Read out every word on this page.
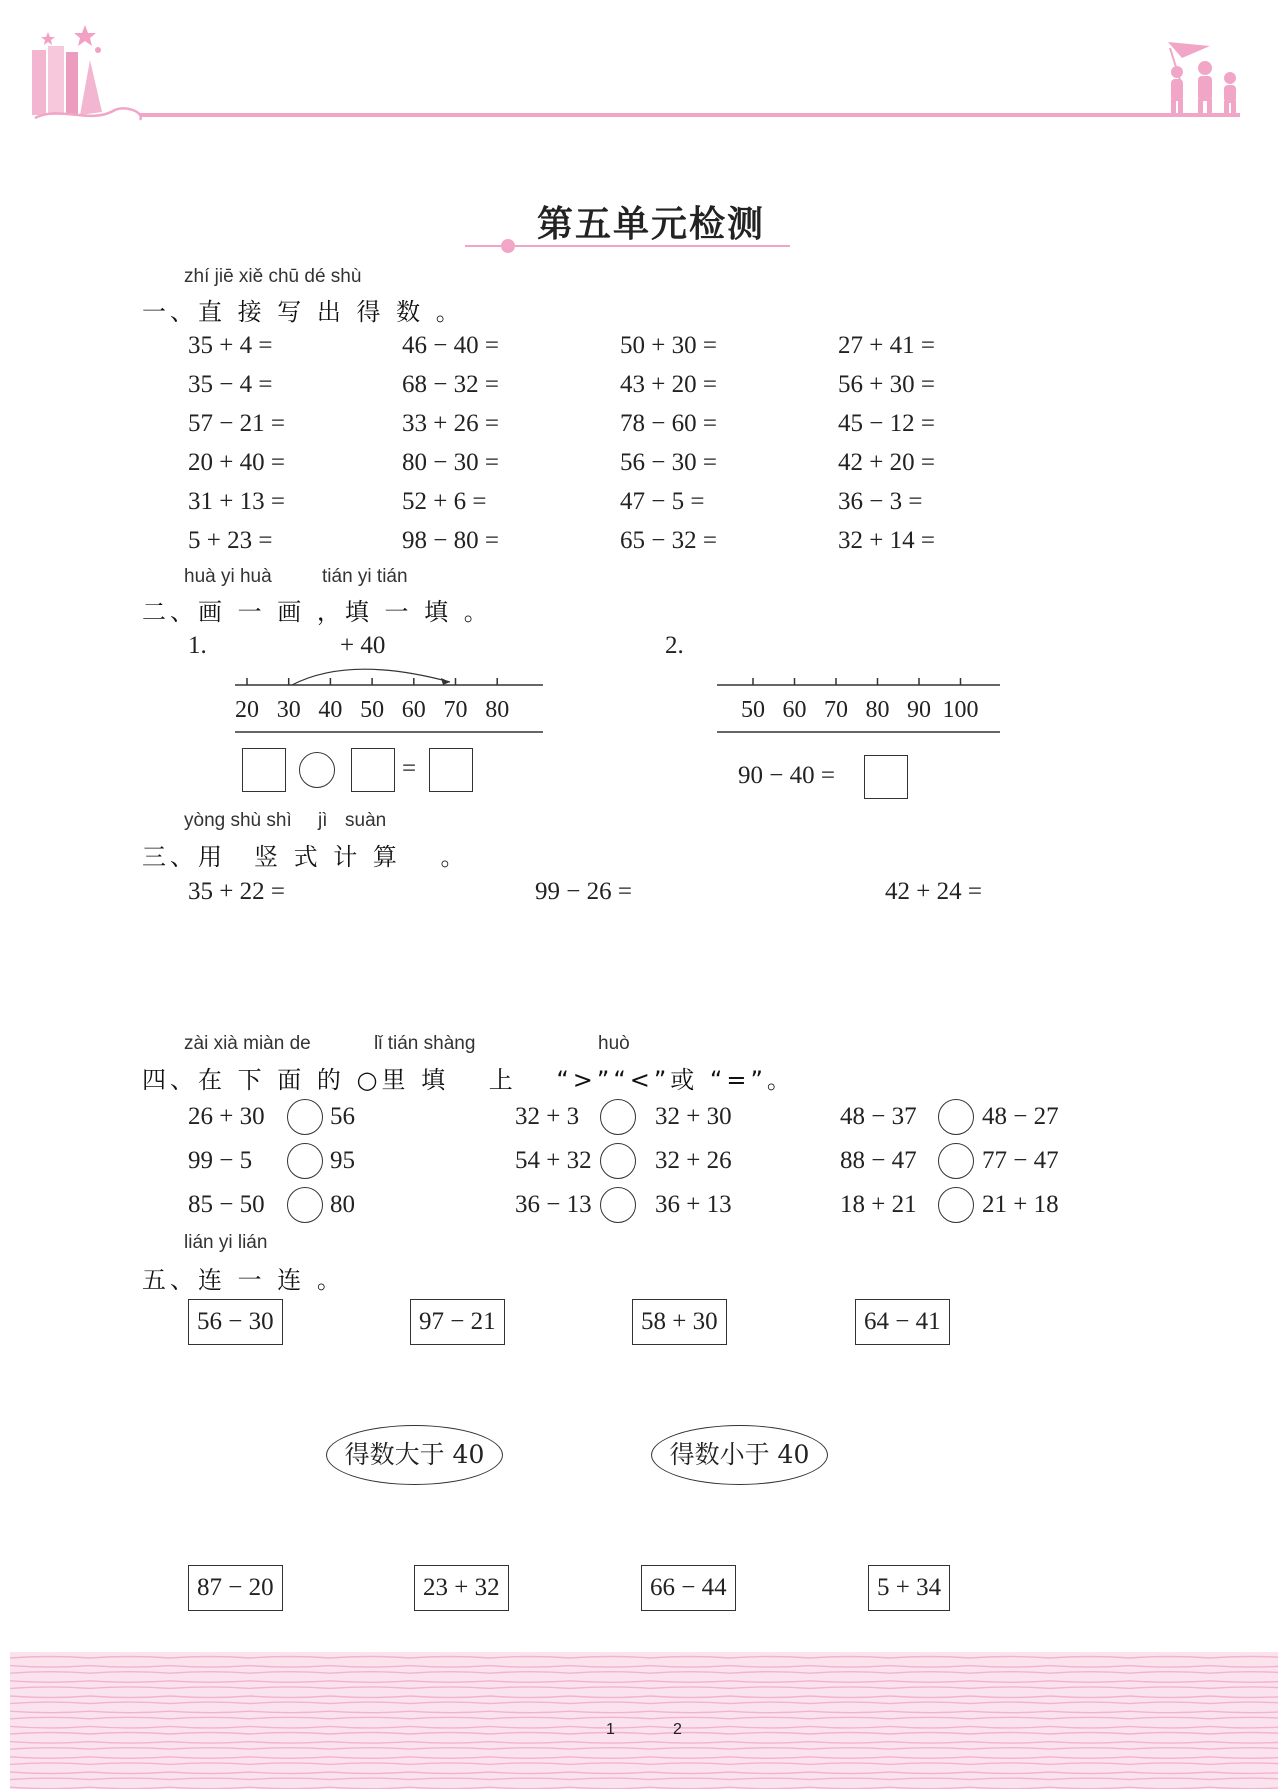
第五单元检测
zhí jiē xiě chū dé shù
一、直 接 写 出 得 数 。
35 + 4 =	46 − 40 =	50 + 30 =	27 + 41 =
35 − 4 =	68 − 32 =	43 + 20 =	56 + 30 =
57 − 21 =	33 + 26 =	78 − 60 =	45 − 12 =
20 + 40 =	80 − 30 =	56 − 30 =	42 + 20 =
31 + 13 =	52 + 6 =	47 − 5 =	36 − 3 =
5 + 23 =	98 − 80 =	65 − 32 =	32 + 14 =
huà yi huà	tián yi tián
二、画 一 画 ，填 一 填 。
1.	+ 40
20 30 40 50 60 70 80
=
2.
50 60 70 80 90 100
90 − 40 =
yòng shù shì jì suàn
三、用　竖 式 计 算 　。
35 + 22 =	99 − 26 =	42 + 24 =
zài xià miàn de	lǐ tián shàng	huò
四、在 下 面 的 ○里 填 　上 　“>”“<”或 “=”。
26 + 30	56	32 + 3	32 + 30	48 − 37	48 − 27
99 − 5	95	54 + 32	32 + 26	88 − 47	77 − 47
85 − 50	80	36 − 13	36 + 13	18 + 21	21 + 18
lián yi lián
五、连 一 连 。
56 − 30	97 − 21	58 + 30	64 − 41
得数大于 40	得数小于 40
87 − 20	23 + 32	66 − 44	5 + 34
1	2
